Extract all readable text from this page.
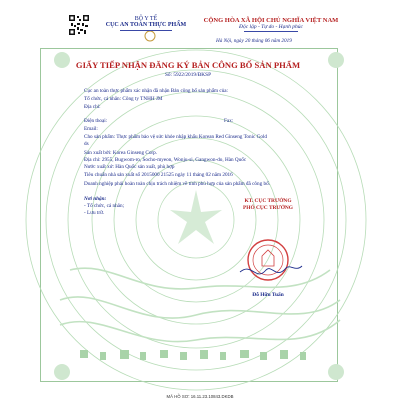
BỘ Y TẾ
CỤC AN TOÀN THỰC PHẨM
CỘNG HÒA XÃ HỘI CHỦ NGHĨA VIỆT NAM
Độc lập - Tự do - Hạnh phúc
Hà Nội, ngày 20 tháng 06 năm 2019
GIẤY TIẾP NHẬN ĐĂNG KÝ BẢN CÔNG BỐ SẢN PHẨM
Số: 5922/2019/ĐKSP
Cục an toàn thực phẩm xác nhận đã nhận Bản công bố sản phẩm của:
Tổ chức, cá nhân: Công ty TNHH JM
Địa chỉ:
Điện thoại:	Fax:
Email:
Cho sản phẩm: Thực phẩm bảo vệ sức khỏe nhập khẩu Korean Red Ginseng Tonic Gold
ds
Sản xuất bởi: Korea Ginseng Corp.
Địa chỉ: 2955, Bugwom-ro, Socho-myeon, Wonju-si, Gangwon-do, Hàn Quốc
Nước xuất xứ: Hàn Quốc sản xuất, phù hợp
Tiêu chuẩn nhà sản xuất số 2015000 21525 ngày 11 tháng 02 năm 2016
Doanh nghiệp phải hoàn toàn chịu trách nhiệm về tính phù hợp của sản phẩm đã công bố.
Nơi nhận:
- Tổ chức, cá nhân;
- Lưu trữ.
KT. CỤC TRƯỞNG
PHÓ CỤC TRƯỞNG
Đỗ Hữu Tuấn
MÃ HỒ SƠ: 16.11.23.10843.DKDB
